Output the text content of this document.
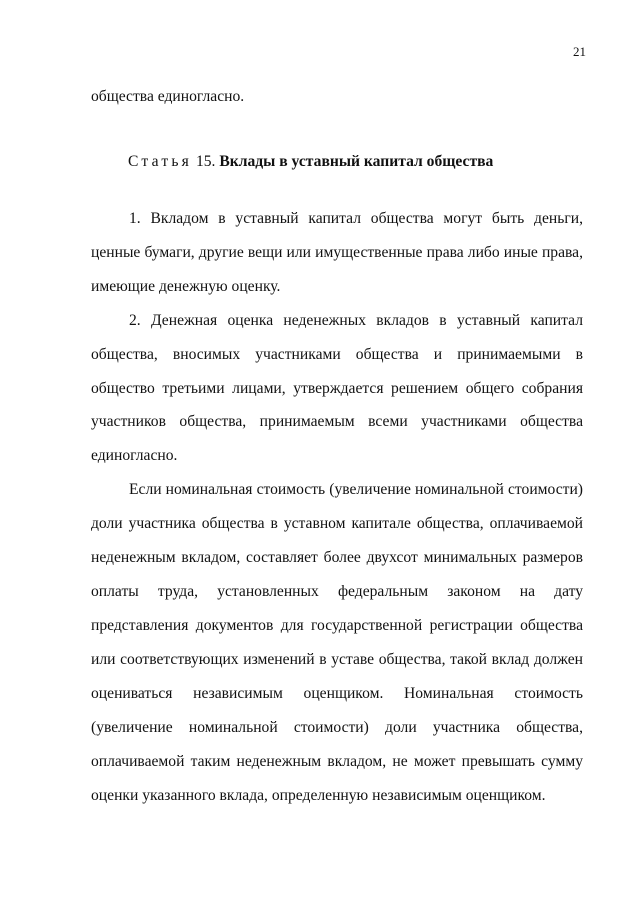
21
общества единогласно.
Статья 15. Вклады в уставный капитал общества
1. Вкладом в уставный капитал общества могут быть деньги,
ценные бумаги, другие вещи или имущественные права либо иные права,
имеющие денежную оценку.
2. Денежная оценка неденежных вкладов в уставный капитал
общества, вносимых участниками общества и принимаемыми в
общество третьими лицами, утверждается решением общего собрания
участников общества, принимаемым всеми участниками общества
единогласно.
Если номинальная стоимость (увеличение номинальной стоимости)
доли участника общества в уставном капитале общества, оплачиваемой
неденежным вкладом, составляет более двухсот минимальных размеров
оплаты труда, установленных федеральным законом на дату
представления документов для государственной регистрации общества
или соответствующих изменений в уставе общества, такой вклад должен
оцениваться независимым оценщиком. Номинальная стоимость
(увеличение номинальной стоимости) доли участника общества,
оплачиваемой таким неденежным вкладом, не может превышать сумму
оценки указанного вклада, определенную независимым оценщиком.
